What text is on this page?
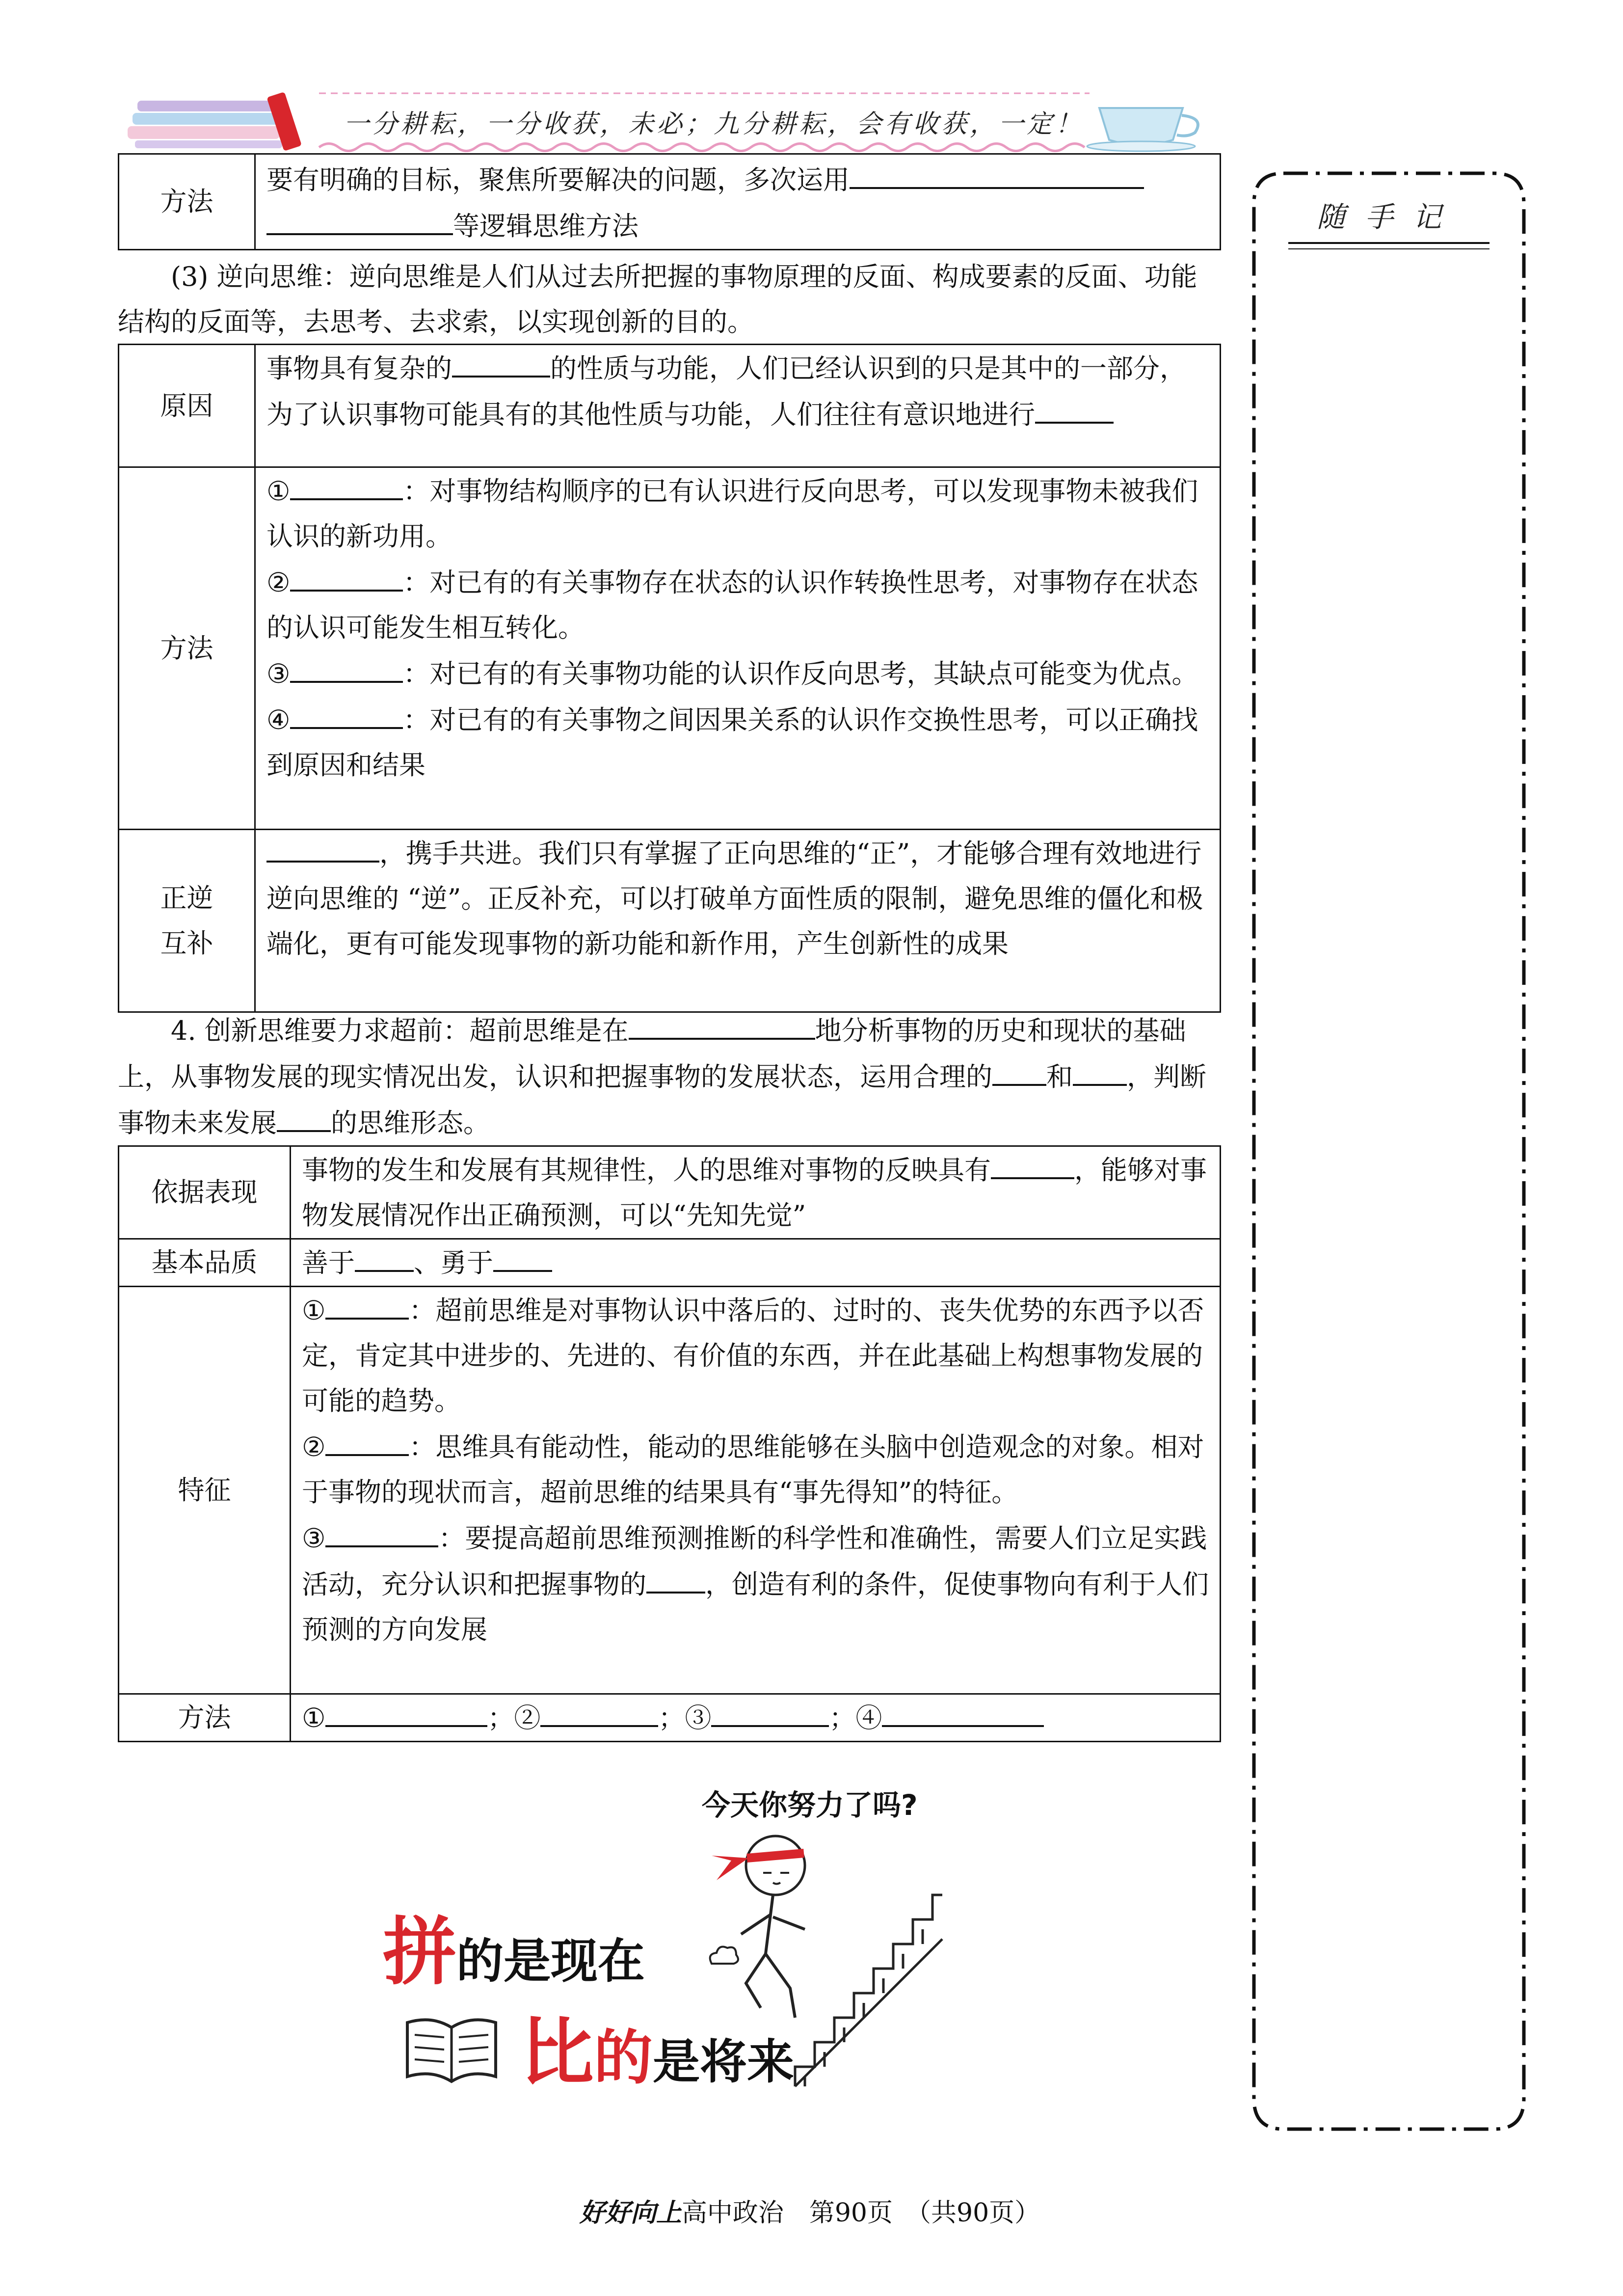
一分耕耘，一分收获，未必；九分耕耘，会有收获，一定！
方法	要有明确的目标，聚焦所要解决的问题，多次运用
等逻辑思维方法
(3) 逆向思维：逆向思维是人们从过去所把握的事物原理的反面、构成要素的反面、功能结构的反面等，去思考、去求索，以实现创新的目的。
原因	事物具有复杂的 的性质与功能，人们已经认识到的只是其中的一部分，为了认识事物可能具有的其他性质与功能，人们往往有意识地进行
方法	① ：对事物结构顺序的已有认识进行反向思考，可以发现事物未被我们认识的新功用。
② ：对已有的有关事物存在状态的认识作转换性思考，对事物存在状态的认识可能发生相互转化。
③ ：对已有的有关事物功能的认识作反向思考，其缺点可能变为优点。
④ ：对已有的有关事物之间因果关系的认识作交换性思考，可以正确找到原因和结果

正逆
互补	，携手共进。我们只有掌握了正向思维的“正”，才能够合理有效地进行逆向思维的 “逆”。正反补充，可以打破单方面性质的限制，避免思维的僵化和极端化，更有可能发现事物的新功能和新作用，产生创新性的成果
4. 创新思维要力求超前：超前思维是在	地分析事物的历史和现状的基础上，从事物发展的现实情况出发，认识和把握事物的发展状态，运用合理的 和 ，判断事物未来发展 的思维形态。
依据表现	事物的发生和发展有其规律性，人的思维对事物的反映具有 ，能够对事物发展情况作出正确预测，可以“先知先觉”
基本品质	善于 、勇于
特征	① ：超前思维是对事物认识中落后的、过时的、丧失优势的东西予以否定，肯定其中进步的、先进的、有价值的东西，并在此基础上构想事物发展的可能的趋势。
② ：思维具有能动性，能动的思维能够在头脑中创造观念的对象。相对于事物的现状而言，超前思维的结果具有“事先得知”的特征。
③ ：要提高超前思维预测推断的科学性和准确性，需要人们立足实践活动，充分认识和把握事物的 ，创造有利的条件，促使事物向有利于人们预测的方向发展

方法	① ；② ；③ ；④
随手记
今天你努力了吗?
拼的是现在
比的是将来
好好向上高中政治　第90页　（共90页）
